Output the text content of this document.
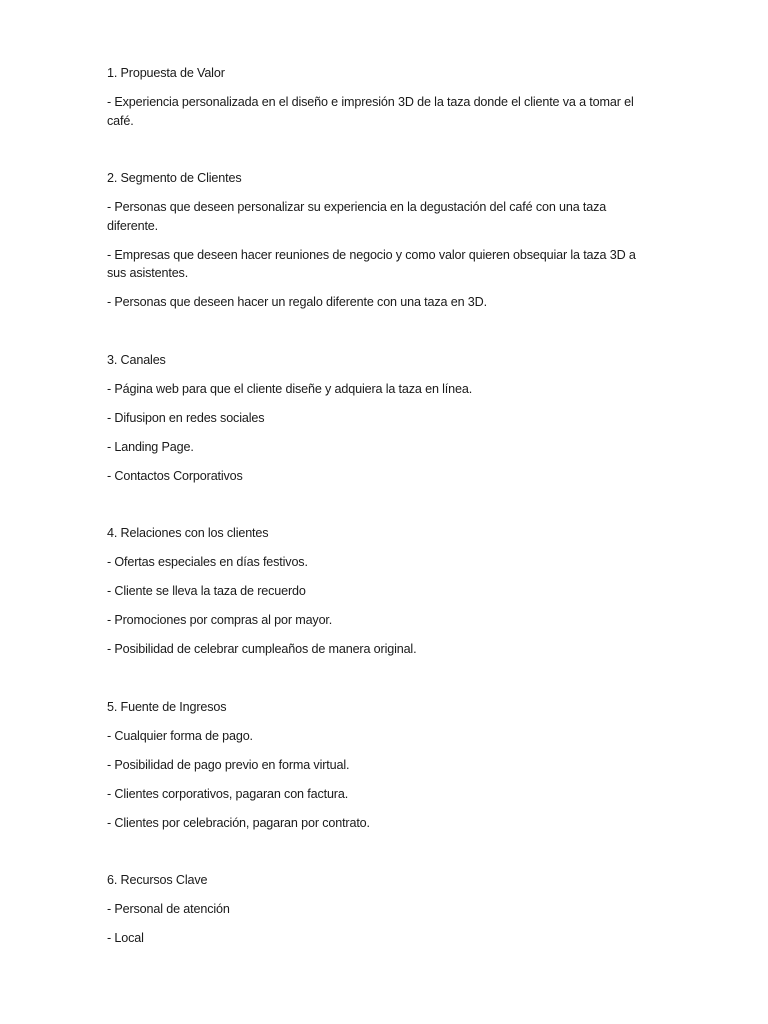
1. Propuesta de Valor
- Experiencia personalizada en el diseño e impresión 3D de la taza donde el cliente va a tomar el café.
2. Segmento de Clientes
- Personas que deseen personalizar su experiencia en la degustación del café con una taza diferente.
- Empresas que deseen hacer reuniones de negocio y como valor quieren obsequiar la taza 3D a sus asistentes.
- Personas que deseen hacer un regalo diferente con una taza en 3D.
3. Canales
- Página web para que el cliente diseñe y adquiera la taza en línea.
- Difusipon en redes sociales
- Landing Page.
- Contactos Corporativos
4. Relaciones con los clientes
- Ofertas especiales en días festivos.
- Cliente se lleva la taza de recuerdo
- Promociones por compras al por mayor.
- Posibilidad de celebrar cumpleaños de manera original.
5. Fuente de Ingresos
- Cualquier forma de pago.
- Posibilidad de pago previo en forma virtual.
- Clientes corporativos, pagaran con factura.
- Clientes por celebración, pagaran por contrato.
6. Recursos Clave
- Personal de atención
- Local
